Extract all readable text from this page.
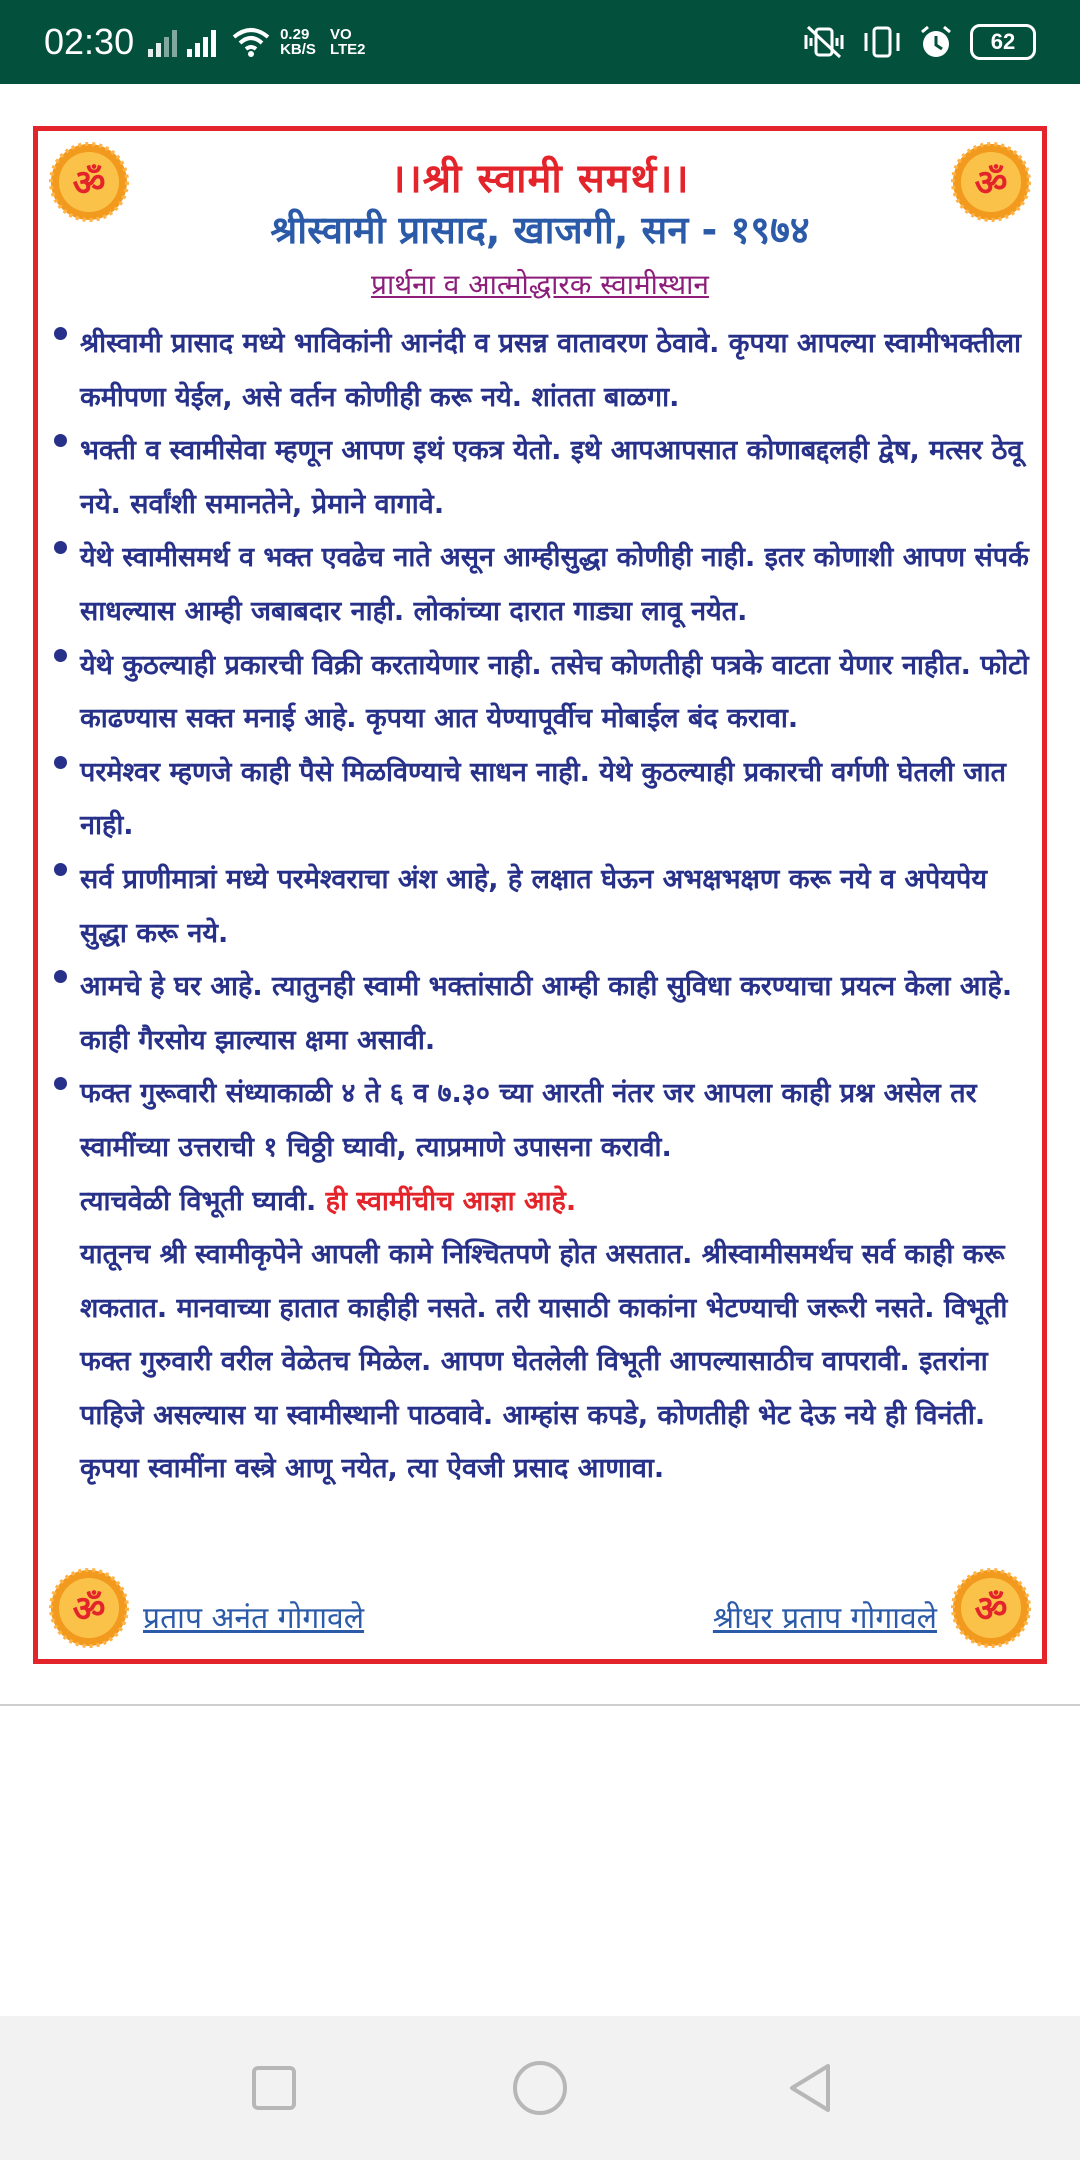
02:30	0.29
KB/S
VO
LTE2	62
ॐ	ॐ
ॐ	ॐ
।।श्री स्वामी समर्थ।।
श्रीस्वामी प्रासाद, खाजगी, सन - १९७४
प्रार्थना व आत्मोद्धारक स्वामीस्थान
श्रीस्वामी प्रासाद मध्ये भाविकांनी आनंदी व प्रसन्न वातावरण ठेवावे. कृपया आपल्या स्वामीभक्तीला कमीपणा येईल, असे वर्तन कोणीही करू नये. शांतता बाळगा.
भक्ती व स्वामीसेवा म्हणून आपण इथं एकत्र येतो. इथे आपआपसात कोणाबद्दलही द्वेष, मत्सर ठेवू नये. सर्वांशी समानतेने, प्रेमाने वागावे.
येथे स्वामीसमर्थ व भक्त एवढेच नाते असून आम्हीसुद्धा कोणीही नाही. इतर कोणाशी आपण संपर्क साधल्यास आम्ही जबाबदार नाही. लोकांच्या दारात गाड्या लावू नयेत.
येथे कुठल्याही प्रकारची विक्री करतायेणार नाही. तसेच कोणतीही पत्रके वाटता येणार नाहीत. फोटो काढण्यास सक्त मनाई आहे. कृपया आत येण्यापूर्वीच मोबाईल बंद करावा.
परमेश्वर म्हणजे काही पैसे मिळविण्याचे साधन नाही. येथे कुठल्याही प्रकारची वर्गणी घेतली जात नाही.
सर्व प्राणीमात्रां मध्ये परमेश्वराचा अंश आहे, हे लक्षात घेऊन अभक्षभक्षण करू नये व अपेयपेय सुद्धा करू नये.
आमचे हे घर आहे. त्यातुनही स्वामी भक्तांसाठी आम्ही काही सुविधा करण्याचा प्रयत्न केला आहे. काही गैरसोय झाल्यास क्षमा असावी.
फक्त गुरूवारी संध्याकाळी ४ ते ६ व ७.३० च्या आरती नंतर जर आपला काही प्रश्न असेल तर स्वामींच्या उत्तराची १ चिठ्ठी घ्यावी, त्याप्रमाणे उपासना करावी.
त्याचवेळी विभूती घ्यावी. ही स्वामींचीच आज्ञा आहे.
यातूनच श्री स्वामीकृपेने आपली कामे निश्चितपणे होत असतात. श्रीस्वामीसमर्थच सर्व काही करू शकतात. मानवाच्या हातात काहीही नसते. तरी यासाठी काकांना भेटण्याची जरूरी नसते. विभूती फक्त गुरुवारी वरील वेळेतच मिळेल. आपण घेतलेली विभूती आपल्यासाठीच वापरावी. इतरांना पाहिजे असल्यास या स्वामीस्थानी पाठवावे. आम्हांस कपडे, कोणतीही भेट देऊ नये ही विनंती. कृपया स्वामींना वस्त्रे आणू नयेत, त्या ऐवजी प्रसाद आणावा.
प्रताप अनंत गोगावले	श्रीधर प्रताप गोगावले
